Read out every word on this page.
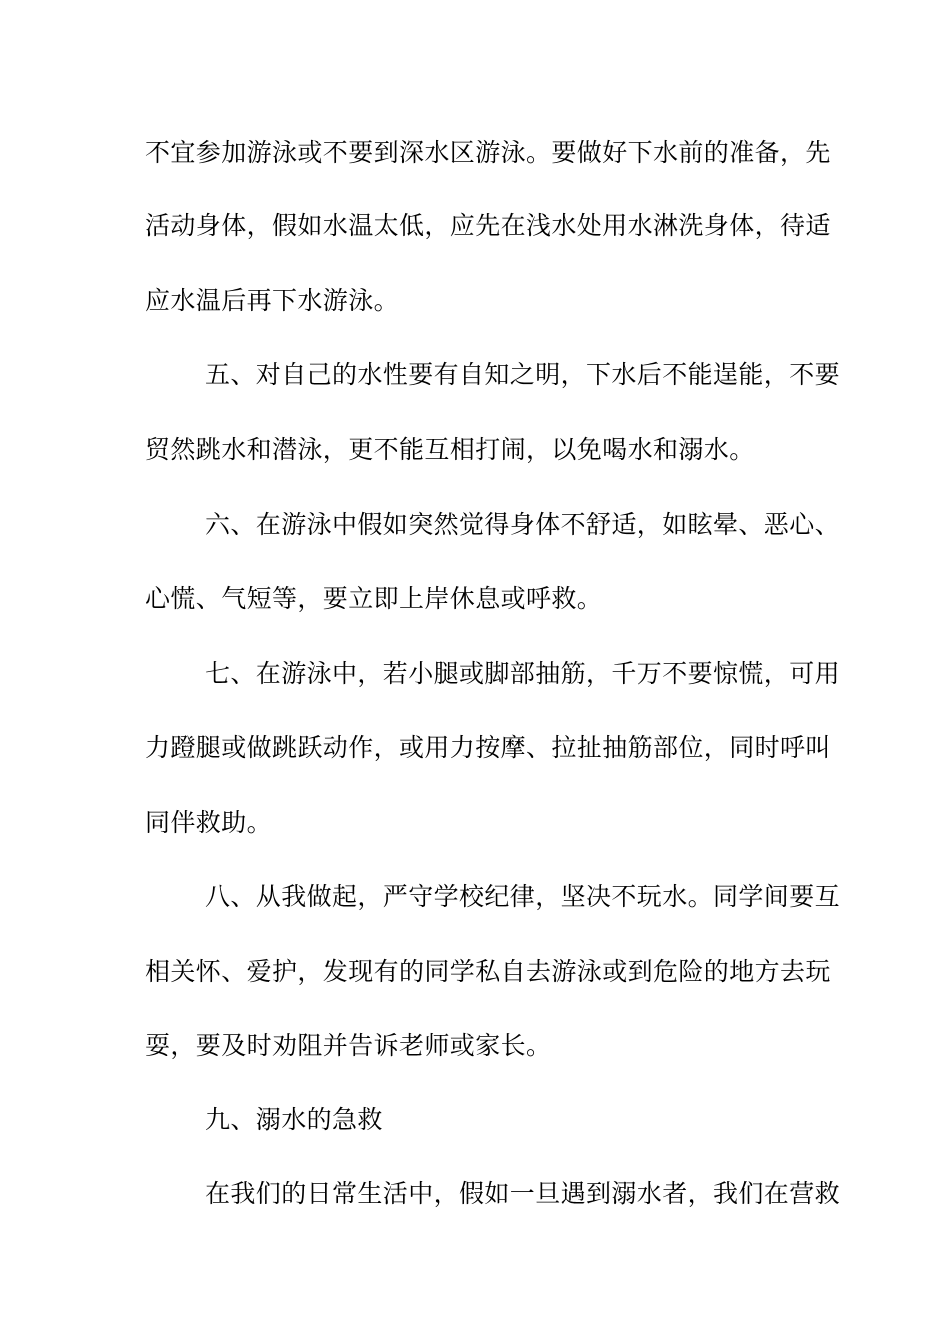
不宜参加游泳或不要到深水区游泳。要做好下水前的准备，先
活动身体，假如水温太低，应先在浅水处用水淋洗身体，待适
应水温后再下水游泳。
五、对自己的水性要有自知之明，下水后不能逞能，不要
贸然跳水和潜泳，更不能互相打闹，以免喝水和溺水。
六、在游泳中假如突然觉得身体不舒适，如眩晕、恶心、
心慌、气短等，要立即上岸休息或呼救。
七、在游泳中，若小腿或脚部抽筋，千万不要惊慌，可用
力蹬腿或做跳跃动作，或用力按摩、拉扯抽筋部位，同时呼叫
同伴救助。
八、从我做起，严守学校纪律，坚决不玩水。同学间要互
相关怀、爱护，发现有的同学私自去游泳或到危险的地方去玩
耍，要及时劝阻并告诉老师或家长。
九、溺水的急救
在我们的日常生活中，假如一旦遇到溺水者，我们在营救
